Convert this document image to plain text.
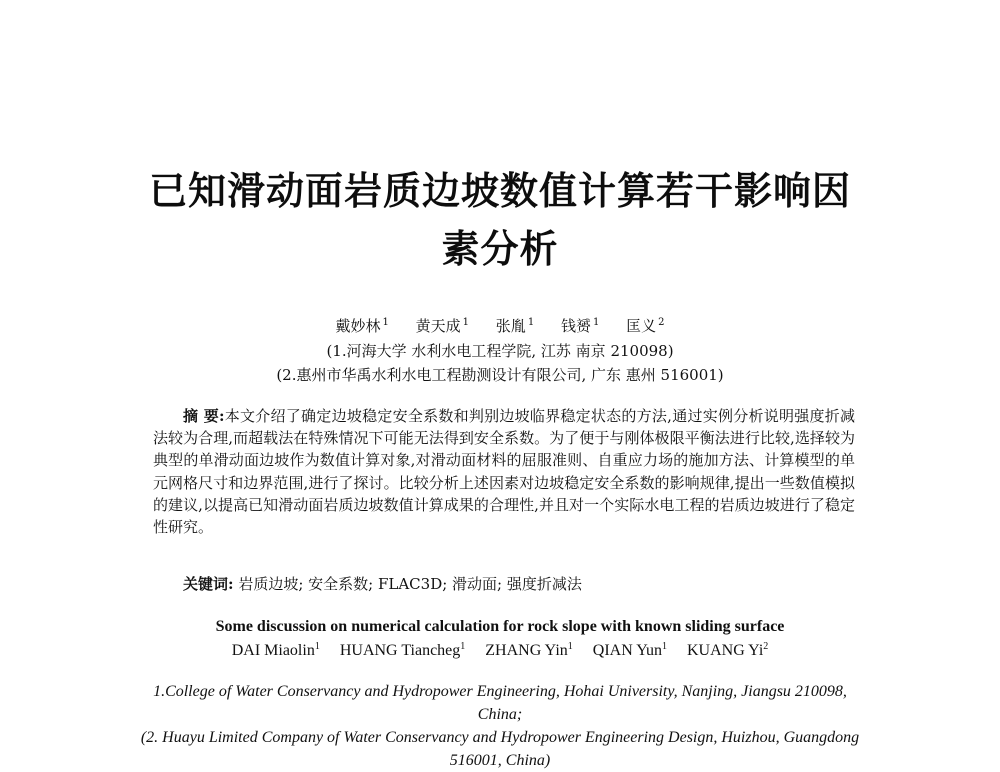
已知滑动面岩质边坡数值计算若干影响因
素分析
戴妙林 $^1$ 黄天成 $^1$ 张胤 $^1$ 钱赟 $^1$ 匡义 $^2$
(1.河海大学 水利水电工程学院, 江苏 南京 210098)
(2.惠州市华禹水利水电工程勘测设计有限公司, 广东 惠州 516001)
摘 要:本文介绍了确定边坡稳定安全系数和判别边坡临界稳定状态的方法,通过实例分析说明强度折减法较为合理,而超载法在特殊情况下可能无法得到安全系数。为了便于与刚体极限平衡法进行比较,选择较为典型的单滑动面边坡作为数值计算对象,对滑动面材料的屈服准则、自重应力场的施加方法、计算模型的单元网格尺寸和边界范围,进行了探讨。比较分析上述因素对边坡稳定安全系数的影响规律,提出一些数值模拟的建议,以提高已知滑动面岩质边坡数值计算成果的合理性,并且对一个实际水电工程的岩质边坡进行了稳定性研究。
关键词: 岩质边坡; 安全系数; FLAC3D; 滑动面; 强度折减法
Some discussion on numerical calculation for rock slope with known sliding surface
DAI Miaolin$^1$ HUANG Tiancheg$^1$ ZHANG Yin$^1$ QIAN Yun$^1$ KUANG Yi$^2$
1.College of Water Conservancy and Hydropower Engineering, Hohai University, Nanjing, Jiangsu 210098, China;
(2. Huayu Limited Company of Water Conservancy and Hydropower Engineering Design, Huizhou, Guangdong 516001, China)
